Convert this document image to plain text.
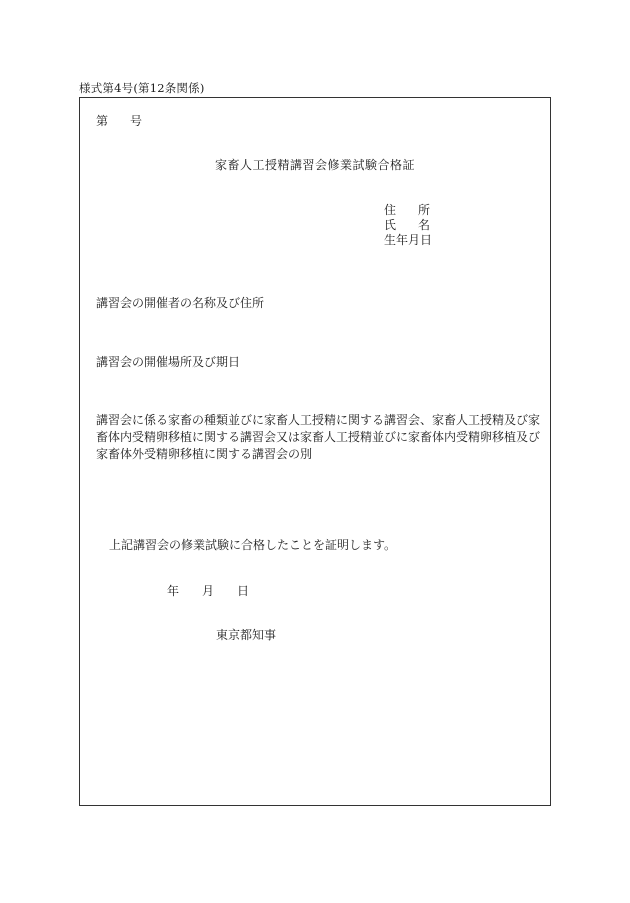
様式第4号(第12条関係)
第 号
家畜人工授精講習会修業試験合格証
住 所
氏 名
生年月日
講習会の開催者の名称及び住所
講習会の開催場所及び期日
講習会に係る家畜の種類並びに家畜人工授精に関する講習会、家畜人工授精及び家畜体内受精卵移植に関する講習会又は家畜人工授精並びに家畜体内受精卵移植及び家畜体外受精卵移植に関する講習会の別
上記講習会の修業試験に合格したことを証明します。
年 月 日
東京都知事
